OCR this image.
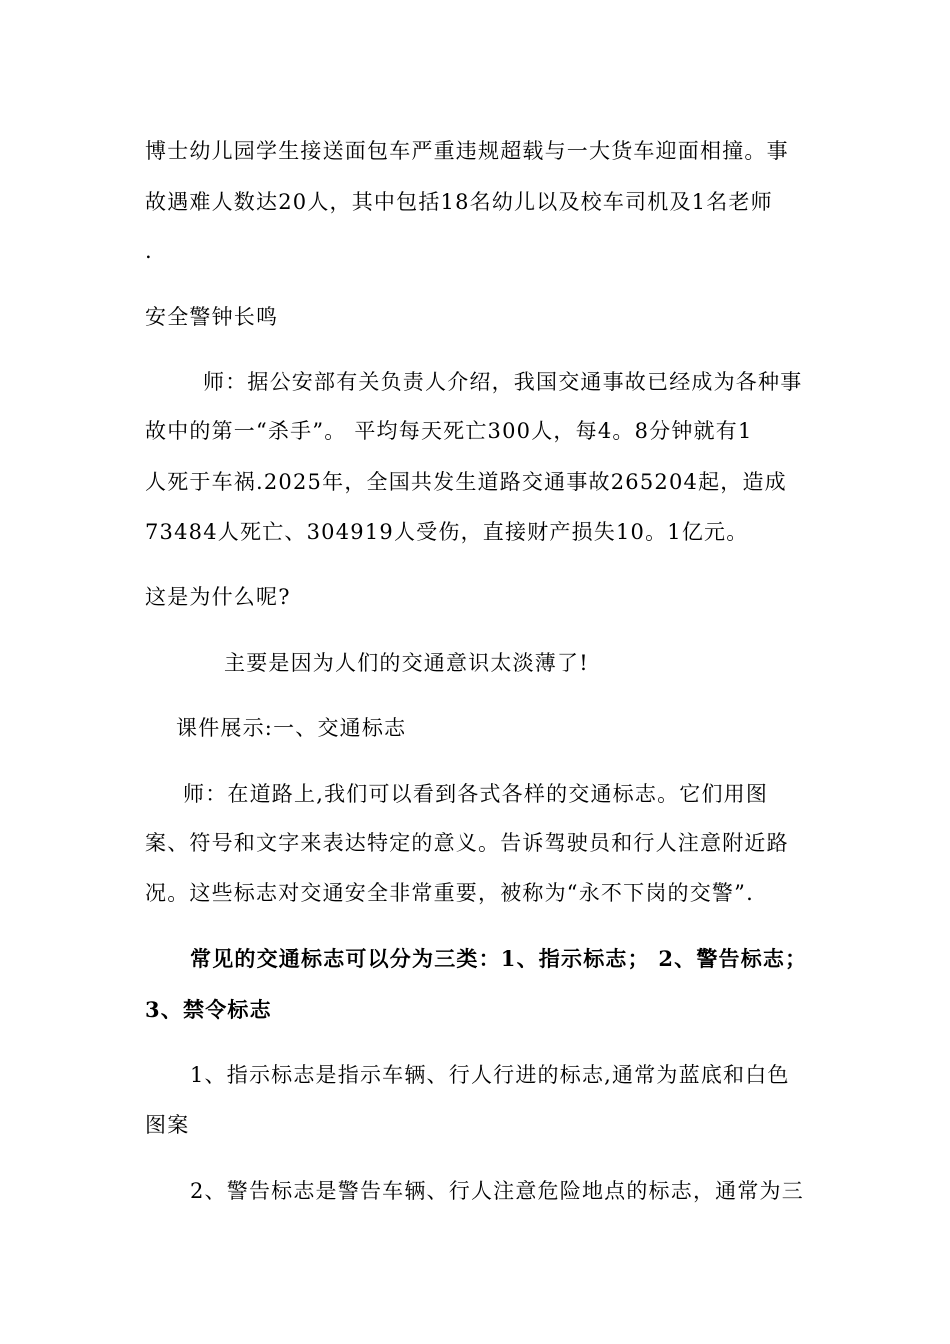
博士幼儿园学生接送面包车严重违规超载与一大货车迎面相撞。事
故遇难人数达20人，其中包括18名幼儿以及校车司机及1名老师
.
安全警钟长鸣
师：据公安部有关负责人介绍，我国交通事故已经成为各种事
故中的第一“杀手”。 平均每天死亡300人，每4。8分钟就有1
人死于车祸.2025年，全国共发生道路交通事故265204起，造成
73484人死亡、304919人受伤，直接财产损失10。1亿元。
这是为什么呢?
主要是因为人们的交通意识太淡薄了!
课件展示:一、交通标志
师：在道路上,我们可以看到各式各样的交通标志。它们用图
案、符号和文字来表达特定的意义。告诉驾驶员和行人注意附近路
况。这些标志对交通安全非常重要，被称为“永不下岗的交警”.
常见的交通标志可以分为三类：1、指示标志； 2、警告标志；
3、禁令标志
1、指示标志是指示车辆、行人行进的标志,通常为蓝底和白色
图案
2、警告标志是警告车辆、行人注意危险地点的标志，通常为三
